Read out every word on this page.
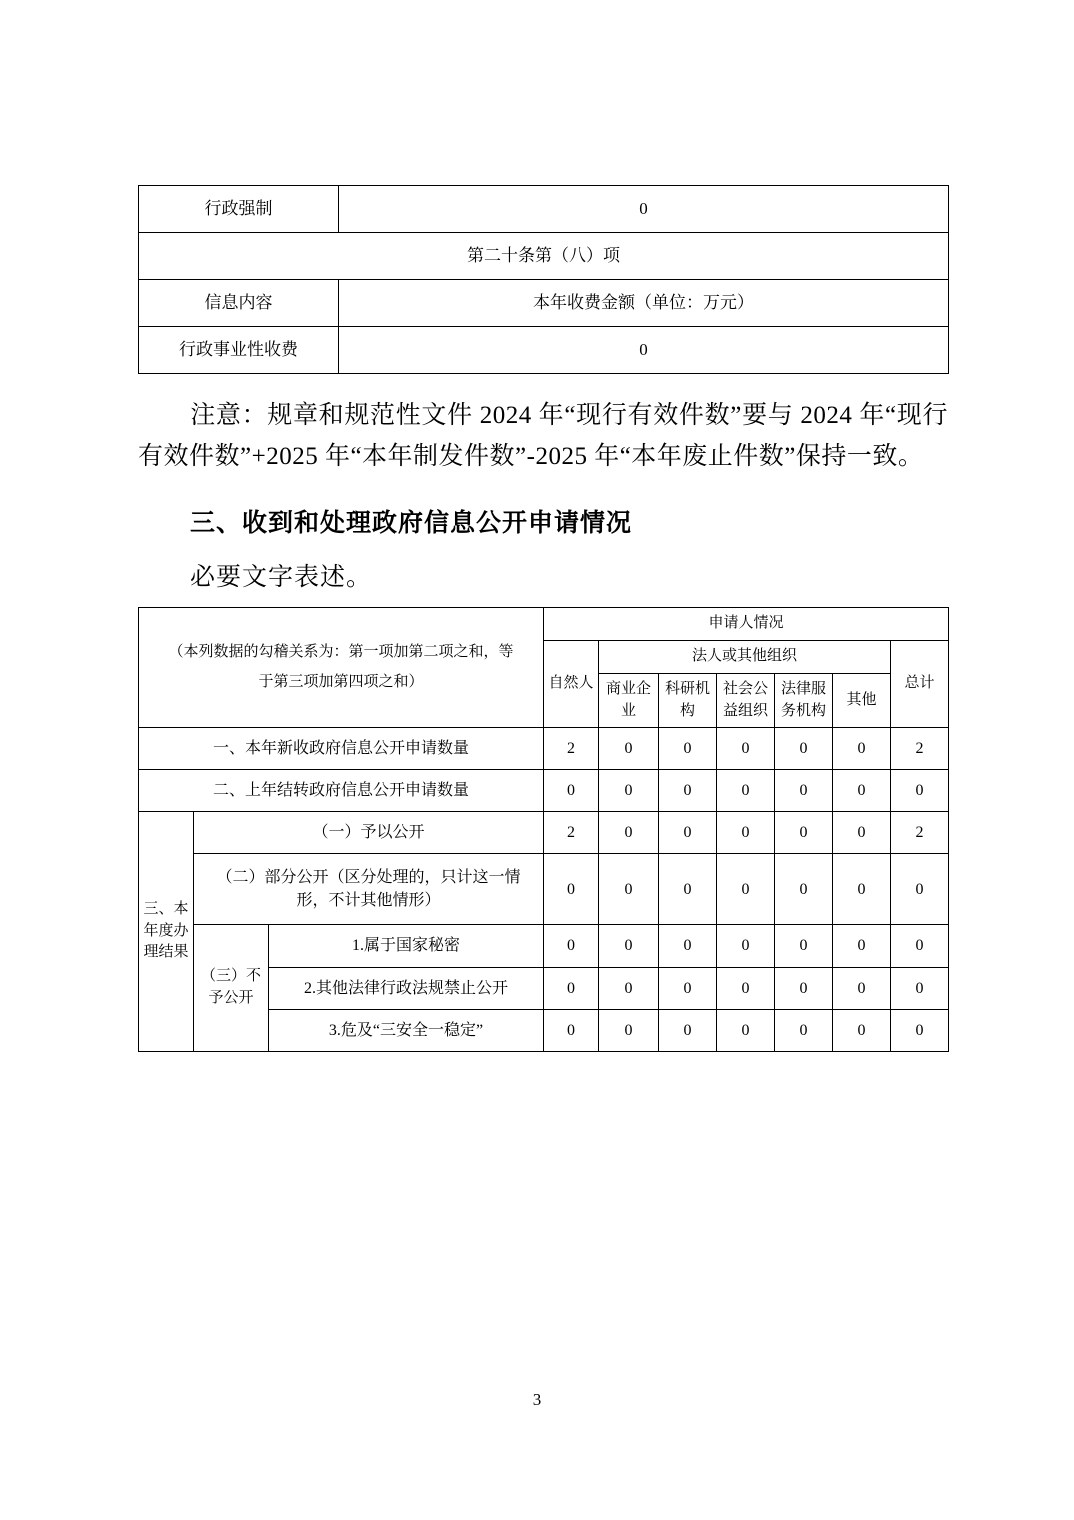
行政强制	0
第二十条第（八）项	
信息内容	本年收费金额（单位：万元）
行政事业性收费	0

注意：规章和规范性文件 2024 年“现行有效件数”要与 2024 年“现行有效件数”+2025 年“本年制发件数”-2025 年“本年废止件数”保持一致。

三、收到和处理政府信息公开申请情况

必要文字表述。

（本列数据的勾稽关系为：第一项加第二项之和，等于第三项加第四项之和）			申请人情况						

			自然人	法人或其他组织					总计
				商业企业	科研机构	社会公益组织	法律服务机构	其他	

一、本年新收政府信息公开申请数量			2	0	0	0	0	0	2
二、上年结转政府信息公开申请数量			0	0	0	0	0	0	0

三、本年度办理结果	（一）予以公开		2	0	0	0	0	0	2
	（二）部分公开（区分处理的，只计这一情形，不计其他情形）		0	0	0	0	0	0	0

	（三）不予公开	1.属于国家秘密	0	0	0	0	0	0	0
		2.其他法律行政法规禁止公开	0	0	0	0	0	0	0
		3.危及“三安全一稳定”	0	0	0	0	0	0	0
3
